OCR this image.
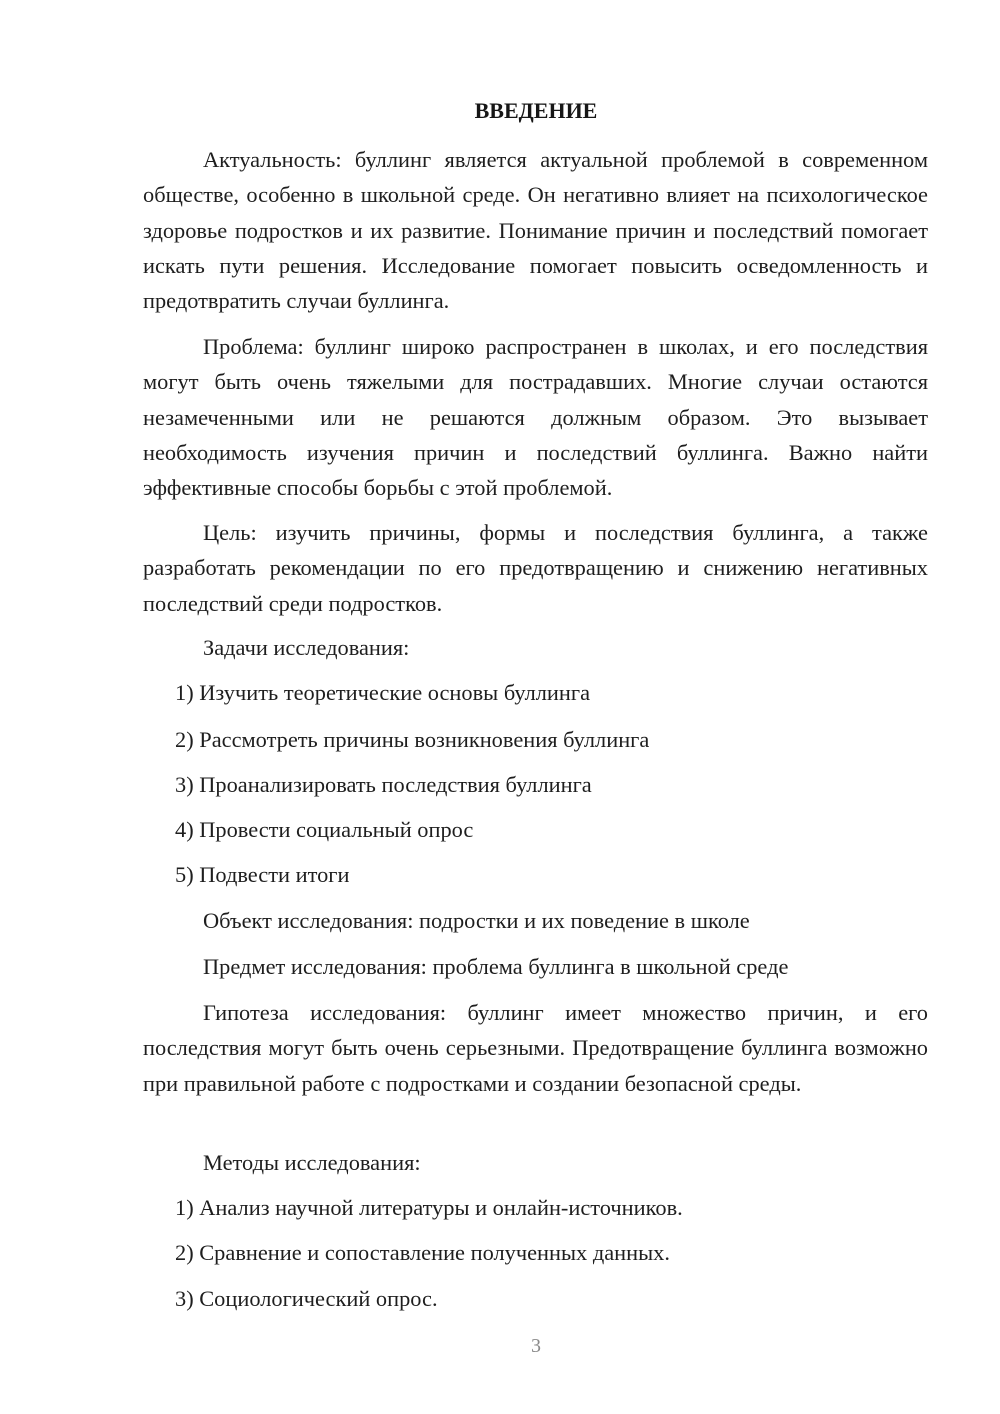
ВВЕДЕНИЕ

Актуальность: буллинг является актуальной проблемой в современном обществе, особенно в школьной среде. Он негативно влияет на психологическое здоровье подростков и их развитие. Понимание причин и последствий помогает искать пути решения. Исследование помогает повысить осведомленность и предотвратить случаи буллинга.

Проблема: буллинг широко распространен в школах, и его последствия могут быть очень тяжелыми для пострадавших. Многие случаи остаются незамеченными или не решаются должным образом. Это вызывает необходимость изучения причин и последствий буллинга. Важно найти эффективные способы борьбы с этой проблемой.

Цель: изучить причины, формы и последствия буллинга, а также разработать рекомендации по его предотвращению и снижению негативных последствий среди подростков.

Задачи исследования:
1) Изучить теоретические основы буллинга
2) Рассмотреть причины возникновения буллинга
3) Проанализировать последствия буллинга
4) Провести социальный опрос
5) Подвести итоги
Объект исследования: подростки и их поведение в школе
Предмет исследования: проблема буллинга в школьной среде

Гипотеза исследования: буллинг имеет множество причин, и его последствия могут быть очень серьезными. Предотвращение буллинга возможно при правильной работе с подростками и создании безопасной среды.

Методы исследования:
1) Анализ научной литературы и онлайн-источников.
2) Сравнение и сопоставление полученных данных.
3) Социологический опрос.
3
